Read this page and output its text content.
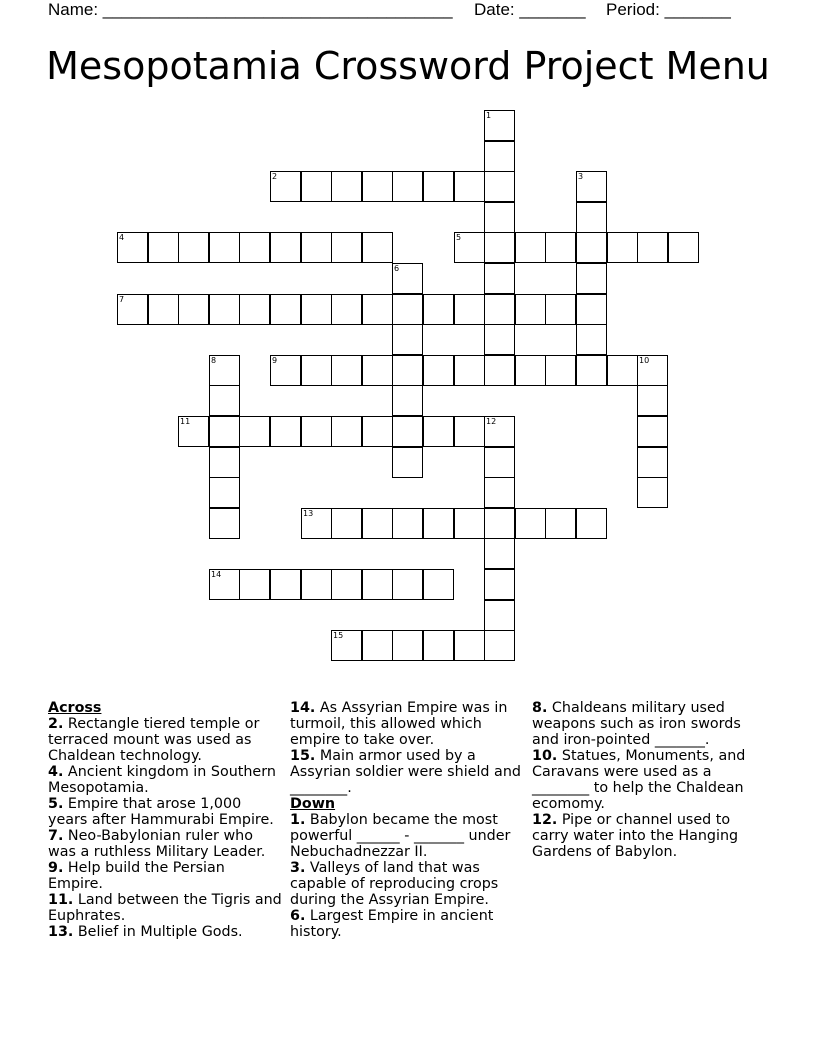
Name: _____________________________________ Date: _______ Period: _______
Mesopotamia Crossword Project Menu
1
2	3
4	5
6
7
8	9	10
11	12
13
14
15
Across

2. Rectangle tiered temple or terraced mount was used as Chaldean technology.

4. Ancient kingdom in Southern Mesopotamia.

5. Empire that arose 1,000 years after Hammurabi Empire.

7. Neo-Babylonian ruler who was a ruthless Military Leader.

9. Help build the Persian Empire.

11. Land between the Tigris and Euphrates.

13. Belief in Multiple Gods.

14. As Assyrian Empire was in turmoil, this allowed which empire to take over.

15. Main armor used by a Assyrian soldier were shield and ________.

Down

1. Babylon became the most powerful ______ - _______ under Nebuchadnezzar II.

3. Valleys of land that was capable of reproducing crops during the Assyrian Empire.

6. Largest Empire in ancient history.

8. Chaldeans military used weapons such as iron swords and iron-pointed _______.

10. Statues, Monuments, and Caravans were used as a ________ to help the Chaldean ecomomy.

12. Pipe or channel used to carry water into the Hanging Gardens of Babylon.
